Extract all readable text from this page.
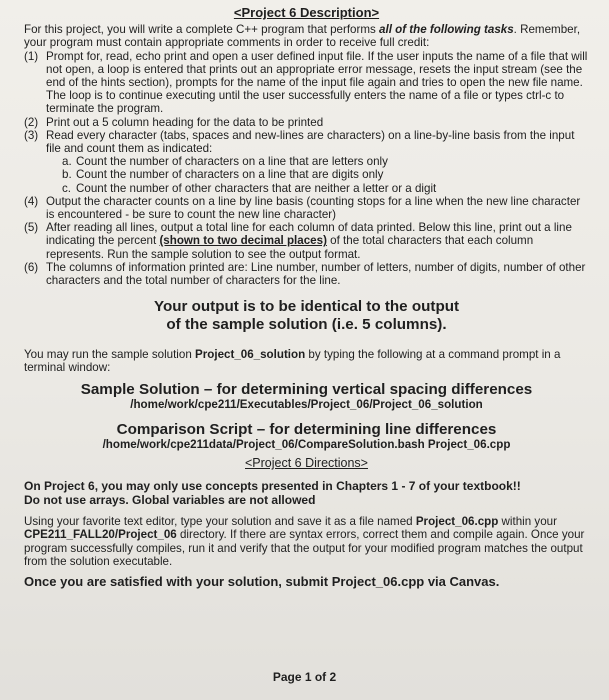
<Project 6 Description>

For this project, you will write a complete C++ program that performs all of the following tasks. Remember, your program must contain appropriate comments in order to receive full credit:

(1) Prompt for, read, echo print and open a user defined input file. If the user inputs the name of a file that will not open, a loop is entered that prints out an appropriate error message, resets the input stream (see the end of the hints section), prompts for the name of the input file again and tries to open the new file name. The loop is to continue executing until the user successfully enters the name of a file or types ctrl-c to terminate the program.
(2) Print out a 5 column heading for the data to be printed
(3) Read every character (tabs, spaces and new-lines are characters) on a line-by-line basis from the input file and count them as indicated:
a. Count the number of characters on a line that are letters only
b. Count the number of characters on a line that are digits only
c. Count the number of other characters that are neither a letter or a digit
(4) Output the character counts on a line by line basis (counting stops for a line when the new line character is encountered - be sure to count the new line character)
(5) After reading all lines, output a total line for each column of data printed. Below this line, print out a line indicating the percent (shown to two decimal places) of the total characters that each column represents. Run the sample solution to see the output format.
(6) The columns of information printed are: Line number, number of letters, number of digits, number of other characters and the total number of characters for the line.
Your output is to be identical to the output
of the sample solution (i.e. 5 columns).

You may run the sample solution Project_06_solution by typing the following at a command prompt in a terminal window:

Sample Solution – for determining vertical spacing differences
/home/work/cpe211/Executables/Project_06/Project_06_solution
Comparison Script – for determining line differences
/home/work/cpe211data/Project_06/CompareSolution.bash Project_06.cpp
<Project 6 Directions>
On Project 6, you may only use concepts presented in Chapters 1 - 7 of your textbook!!
Do not use arrays. Global variables are not allowed

Using your favorite text editor, type your solution and save it as a file named Project_06.cpp within your CPE211_FALL20/Project_06 directory. If there are syntax errors, correct them and compile again. Once your program successfully compiles, run it and verify that the output for your modified program matches the output from the solution executable.

Once you are satisfied with your solution, submit Project_06.cpp via Canvas.
Page 1 of 2
